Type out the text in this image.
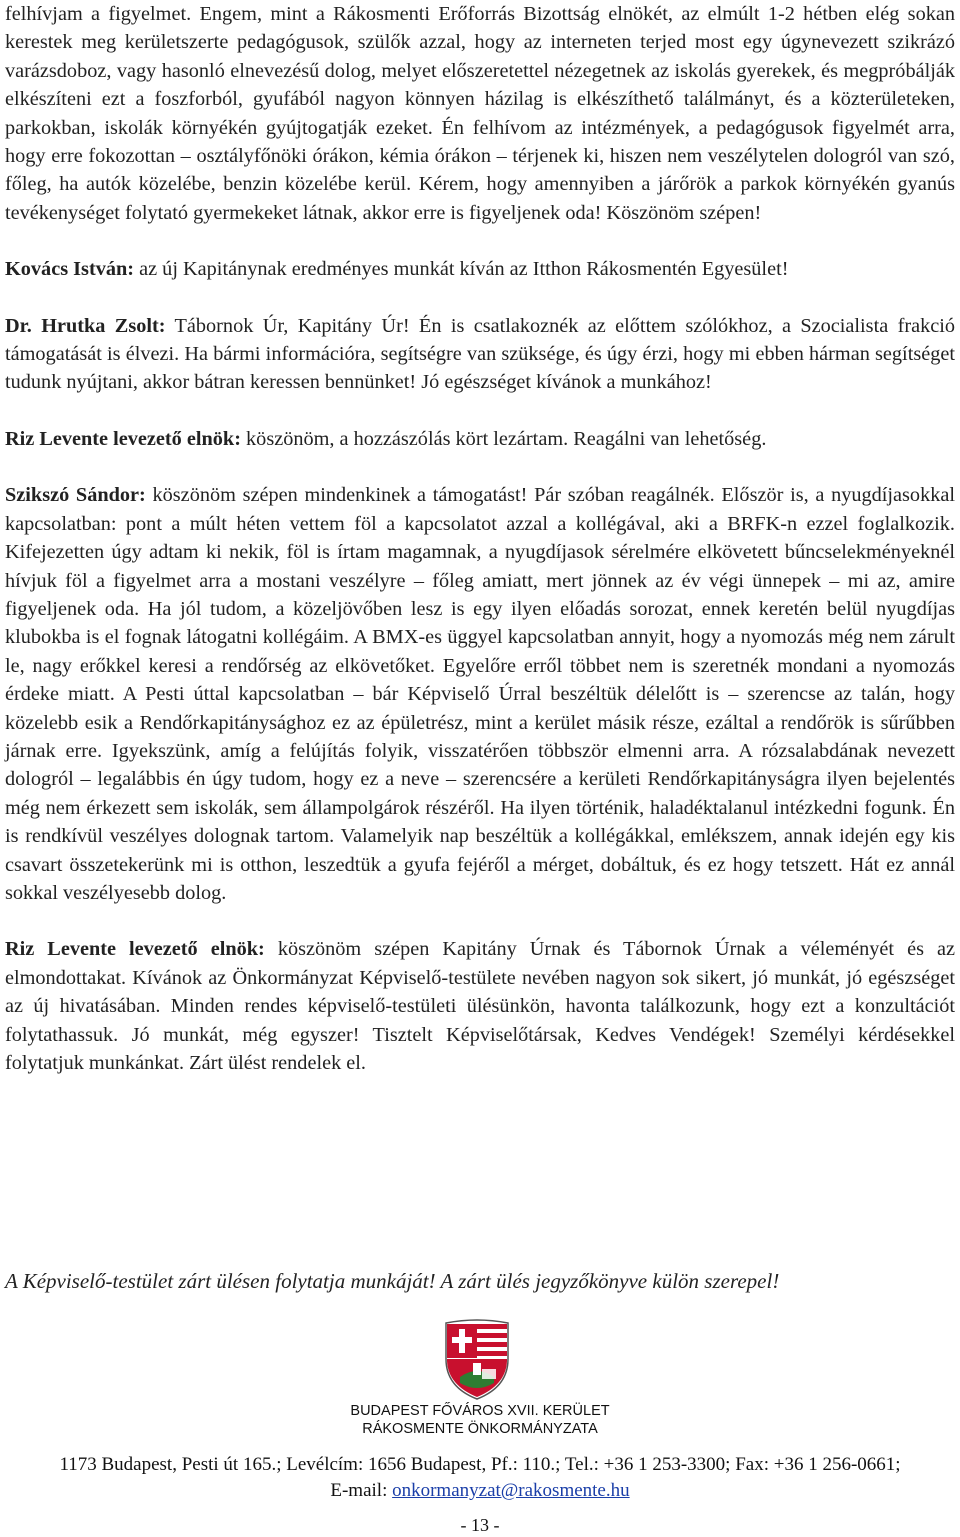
felhívjam a figyelmet. Engem, mint a Rákosmenti Erőforrás Bizottság elnökét, az elmúlt 1-2 hétben elég sokan kerestek meg kerületszerte pedagógusok, szülők azzal, hogy az interneten terjed most egy úgynevezett szikrázó varázsdoboz, vagy hasonló elnevezésű dolog, melyet előszeretettel nézegetnek az iskolás gyerekek, és megpróbálják elkészíteni ezt a foszforból, gyufából nagyon könnyen házilag is elkészíthető találmányt, és a közterületeken, parkokban, iskolák környékén gyújtogatják ezeket. Én felhívom az intézmények, a pedagógusok figyelmét arra, hogy erre fokozottan – osztályfőnöki órákon, kémia órákon – térjenek ki, hiszen nem veszélytelen dologról van szó, főleg, ha autók közelébe, benzin közelébe kerül. Kérem, hogy amennyiben a járőrök a parkok környékén gyanús tevékenységet folytató gyermekeket látnak, akkor erre is figyeljenek oda! Köszönöm szépen!

Kovács István: az új Kapitánynak eredményes munkát kíván az Itthon Rákosmentén Egyesület!

Dr. Hrutka Zsolt: Tábornok Úr, Kapitány Úr! Én is csatlakoznék az előttem szólókhoz, a Szocialista frakció támogatását is élvezi. Ha bármi információra, segítségre van szüksége, és úgy érzi, hogy mi ebben hárman segítséget tudunk nyújtani, akkor bátran keressen bennünket! Jó egészséget kívánok a munkához!

Riz Levente levezető elnök: köszönöm, a hozzászólás kört lezártam. Reagálni van lehetőség.

Szikszó Sándor: köszönöm szépen mindenkinek a támogatást! Pár szóban reagálnék. Először is, a nyugdíjasokkal kapcsolatban: pont a múlt héten vettem föl a kapcsolatot azzal a kollégával, aki a BRFK-n ezzel foglalkozik. Kifejezetten úgy adtam ki nekik, föl is írtam magamnak, a nyugdíjasok sérelmére elkövetett bűncselekményeknél hívjuk föl a figyelmet arra a mostani veszélyre – főleg amiatt, mert jönnek az év végi ünnepek – mi az, amire figyeljenek oda. Ha jól tudom, a közeljövőben lesz is egy ilyen előadás sorozat, ennek keretén belül nyugdíjas klubokba is el fognak látogatni kollégáim. A BMX-es üggyel kapcsolatban annyit, hogy a nyomozás még nem zárult le, nagy erőkkel keresi a rendőrség az elkövetőket. Egyelőre erről többet nem is szeretnék mondani a nyomozás érdeke miatt. A Pesti úttal kapcsolatban – bár Képviselő Úrral beszéltük délelőtt is – szerencse az talán, hogy közelebb esik a Rendőrkapitánysághoz ez az épületrész, mint a kerület másik része, ezáltal a rendőrök is sűrűbben járnak erre. Igyekszünk, amíg a felújítás folyik, visszatérően többször elmenni arra. A rózsalabdának nevezett dologról – legalábbis én úgy tudom, hogy ez a neve – szerencsére a kerületi Rendőrkapitányságra ilyen bejelentés még nem érkezett sem iskolák, sem állampolgárok részéről. Ha ilyen történik, haladéktalanul intézkedni fogunk. Én is rendkívül veszélyes dolognak tartom. Valamelyik nap beszéltük a kollégákkal, emlékszem, annak idején egy kis csavart összetekerünk mi is otthon, leszedtük a gyufa fejéről a mérget, dobáltuk, és ez hogy tetszett. Hát ez annál sokkal veszélyesebb dolog.

Riz Levente levezető elnök: köszönöm szépen Kapitány Úrnak és Tábornok Úrnak a véleményét és az elmondottakat. Kívánok az Önkormányzat Képviselő-testülete nevében nagyon sok sikert, jó munkát, jó egészséget az új hivatásában. Minden rendes képviselő-testületi ülésünkön, havonta találkozunk, hogy ezt a konzultációt folytathassuk. Jó munkát, még egyszer! Tisztelt Képviselőtársak, Kedves Vendégek! Személyi kérdésekkel folytatjuk munkánkat. Zárt ülést rendelek el.

A Képviselő-testület zárt ülésen folytatja munkáját! A zárt ülés jegyzőkönyve külön szerepel!

BUDAPEST FŐVÁROS XVII. KERÜLET
RÁKOSMENTE ÖNKORMÁNYZATA
1173 Budapest, Pesti út 165.; Levélcím: 1656 Budapest, Pf.: 110.; Tel.: +36 1 253-3300; Fax: +36 1 256-0661;
E-mail: onkormanyzat@rakosmente.hu
- 13 -
